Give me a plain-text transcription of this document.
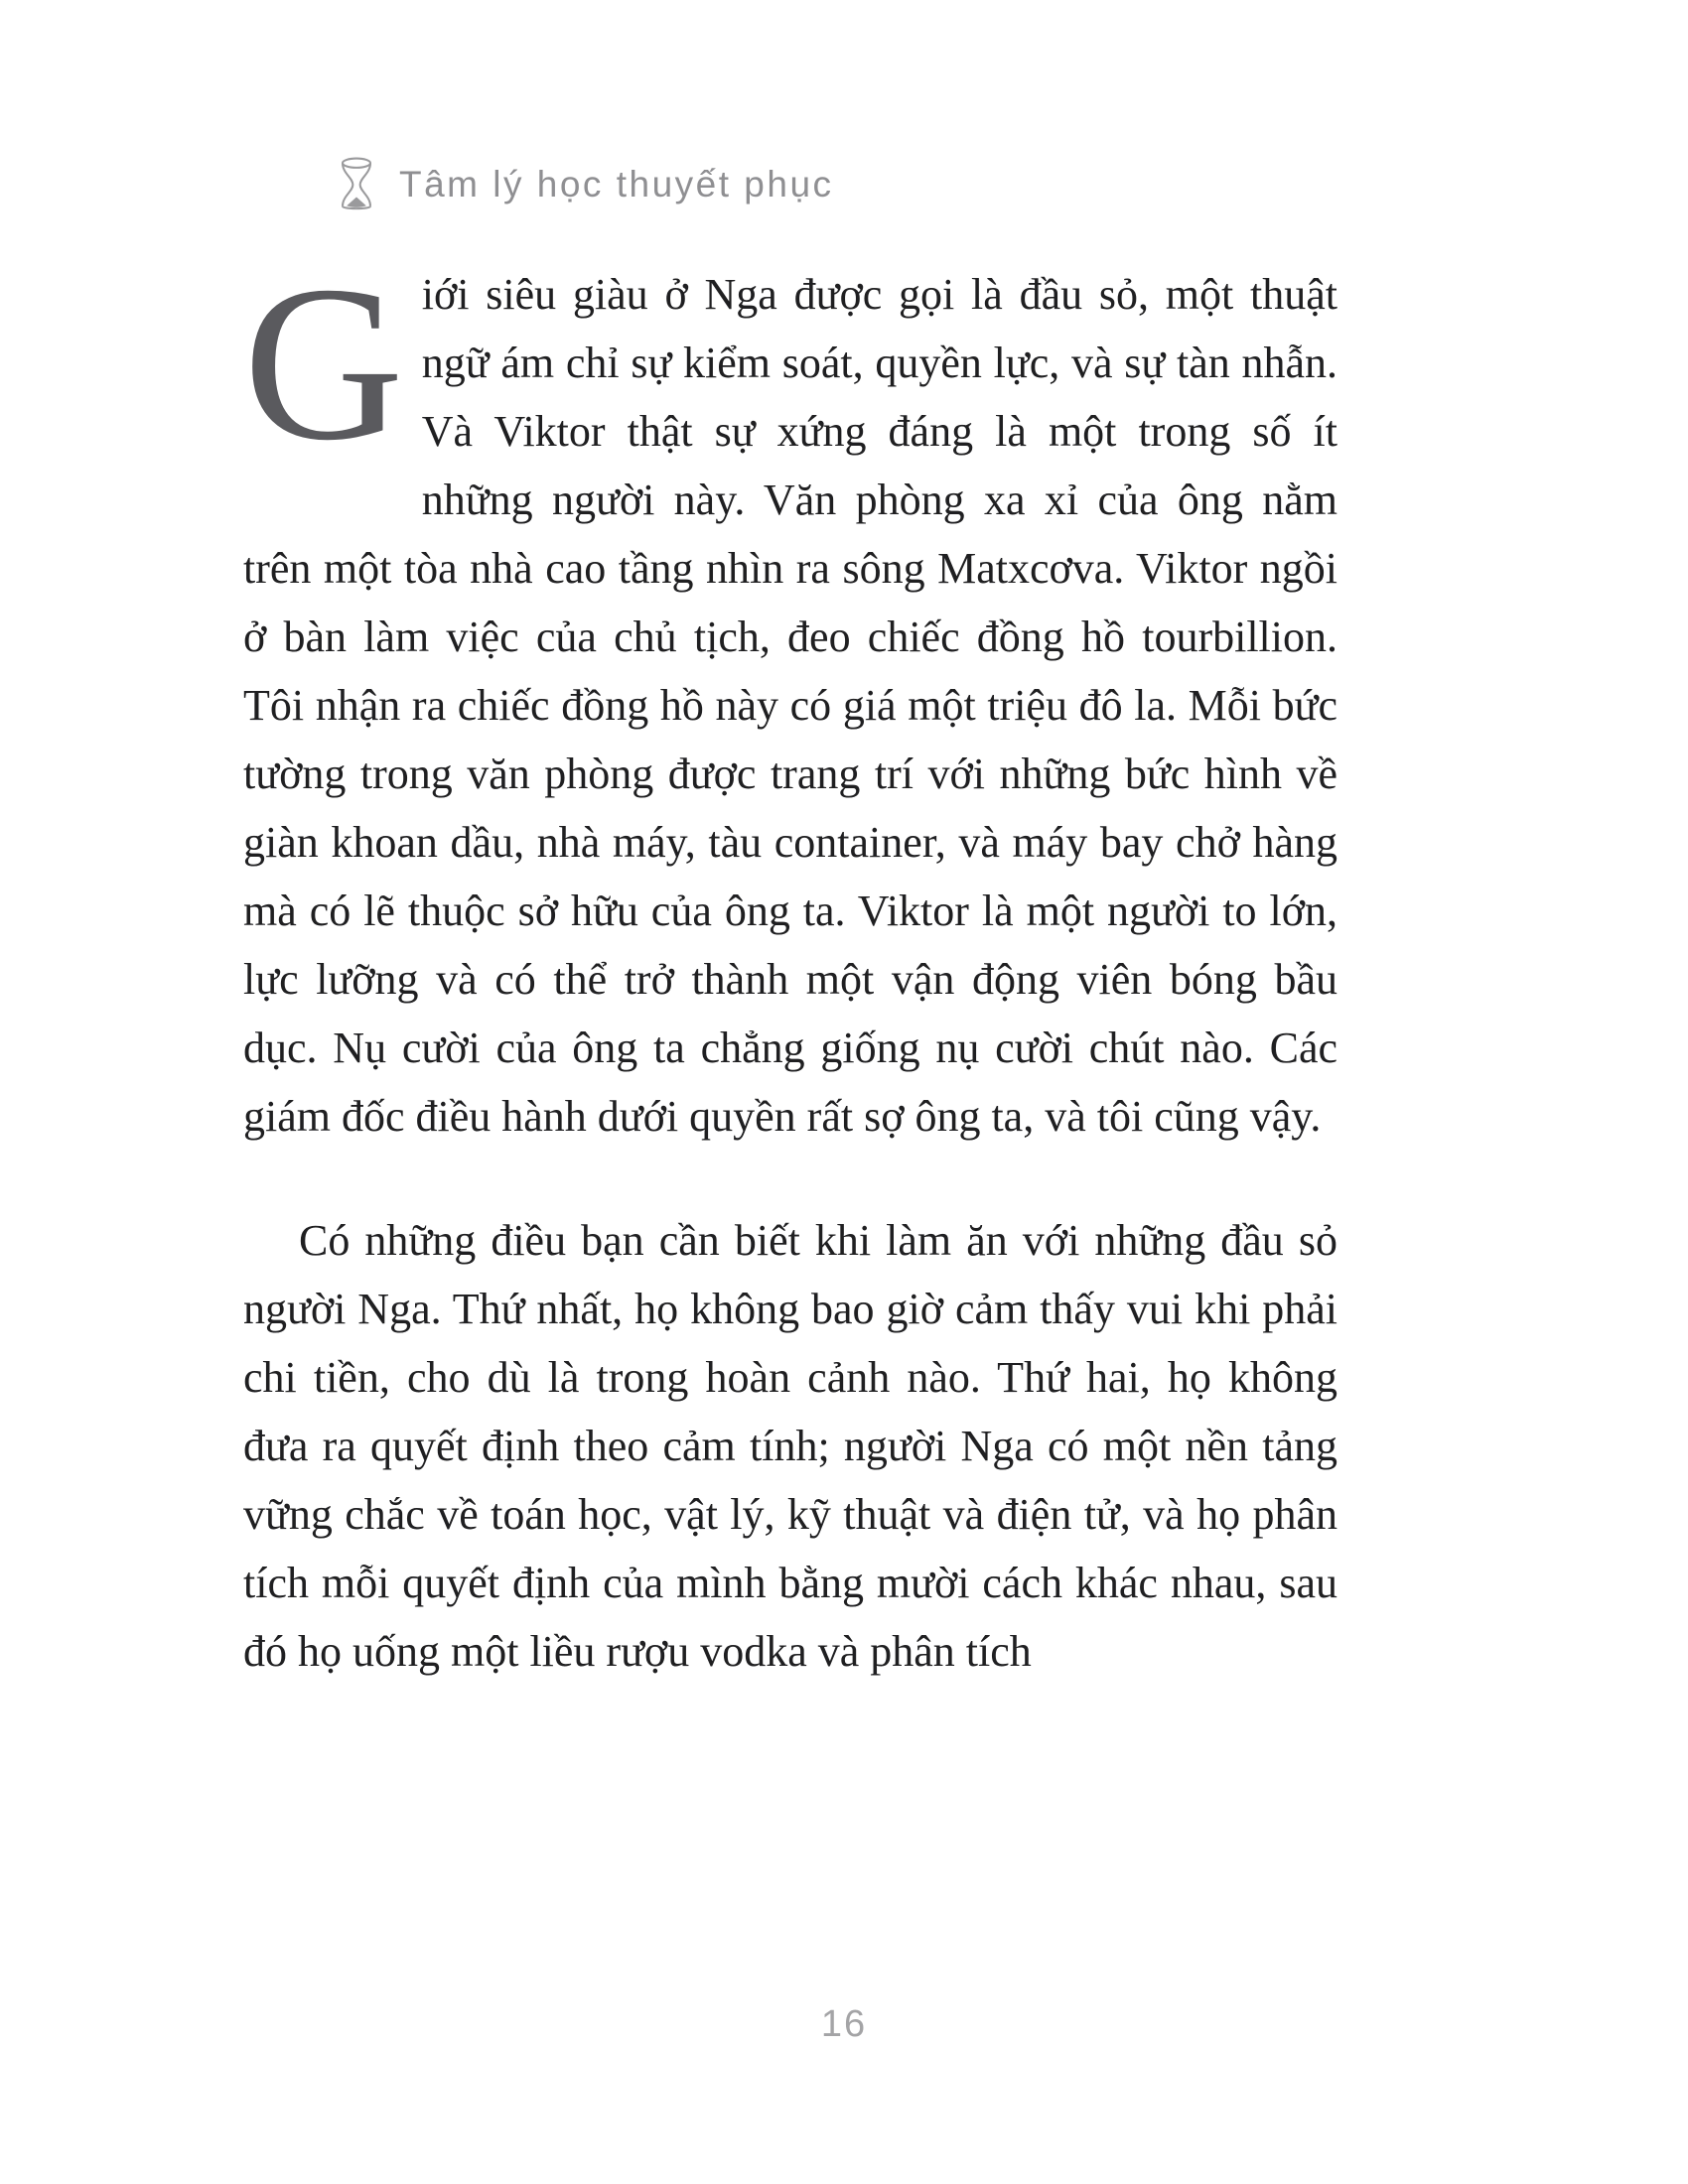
Tâm lý học thuyết phục

Giới siêu giàu ở Nga được gọi là đầu sỏ, một thuật ngữ ám chỉ sự kiểm soát, quyền lực, và sự tàn nhẫn. Và Viktor thật sự xứng đáng là một trong số ít những người này. Văn phòng xa xỉ của ông nằm trên một tòa nhà cao tầng nhìn ra sông Matxcơva. Viktor ngồi ở bàn làm việc của chủ tịch, đeo chiếc đồng hồ tourbillion. Tôi nhận ra chiếc đồng hồ này có giá một triệu đô la. Mỗi bức tường trong văn phòng được trang trí với những bức hình về giàn khoan dầu, nhà máy, tàu container, và máy bay chở hàng mà có lẽ thuộc sở hữu của ông ta. Viktor là một người to lớn, lực lưỡng và có thể trở thành một vận động viên bóng bầu dục. Nụ cười của ông ta chẳng giống nụ cười chút nào. Các giám đốc điều hành dưới quyền rất sợ ông ta, và tôi cũng vậy.

Có những điều bạn cần biết khi làm ăn với những đầu sỏ người Nga. Thứ nhất, họ không bao giờ cảm thấy vui khi phải chi tiền, cho dù là trong hoàn cảnh nào. Thứ hai, họ không đưa ra quyết định theo cảm tính; người Nga có một nền tảng vững chắc về toán học, vật lý, kỹ thuật và điện tử, và họ phân tích mỗi quyết định của mình bằng mười cách khác nhau, sau đó họ uống một liều rượu vodka và phân tích

16
